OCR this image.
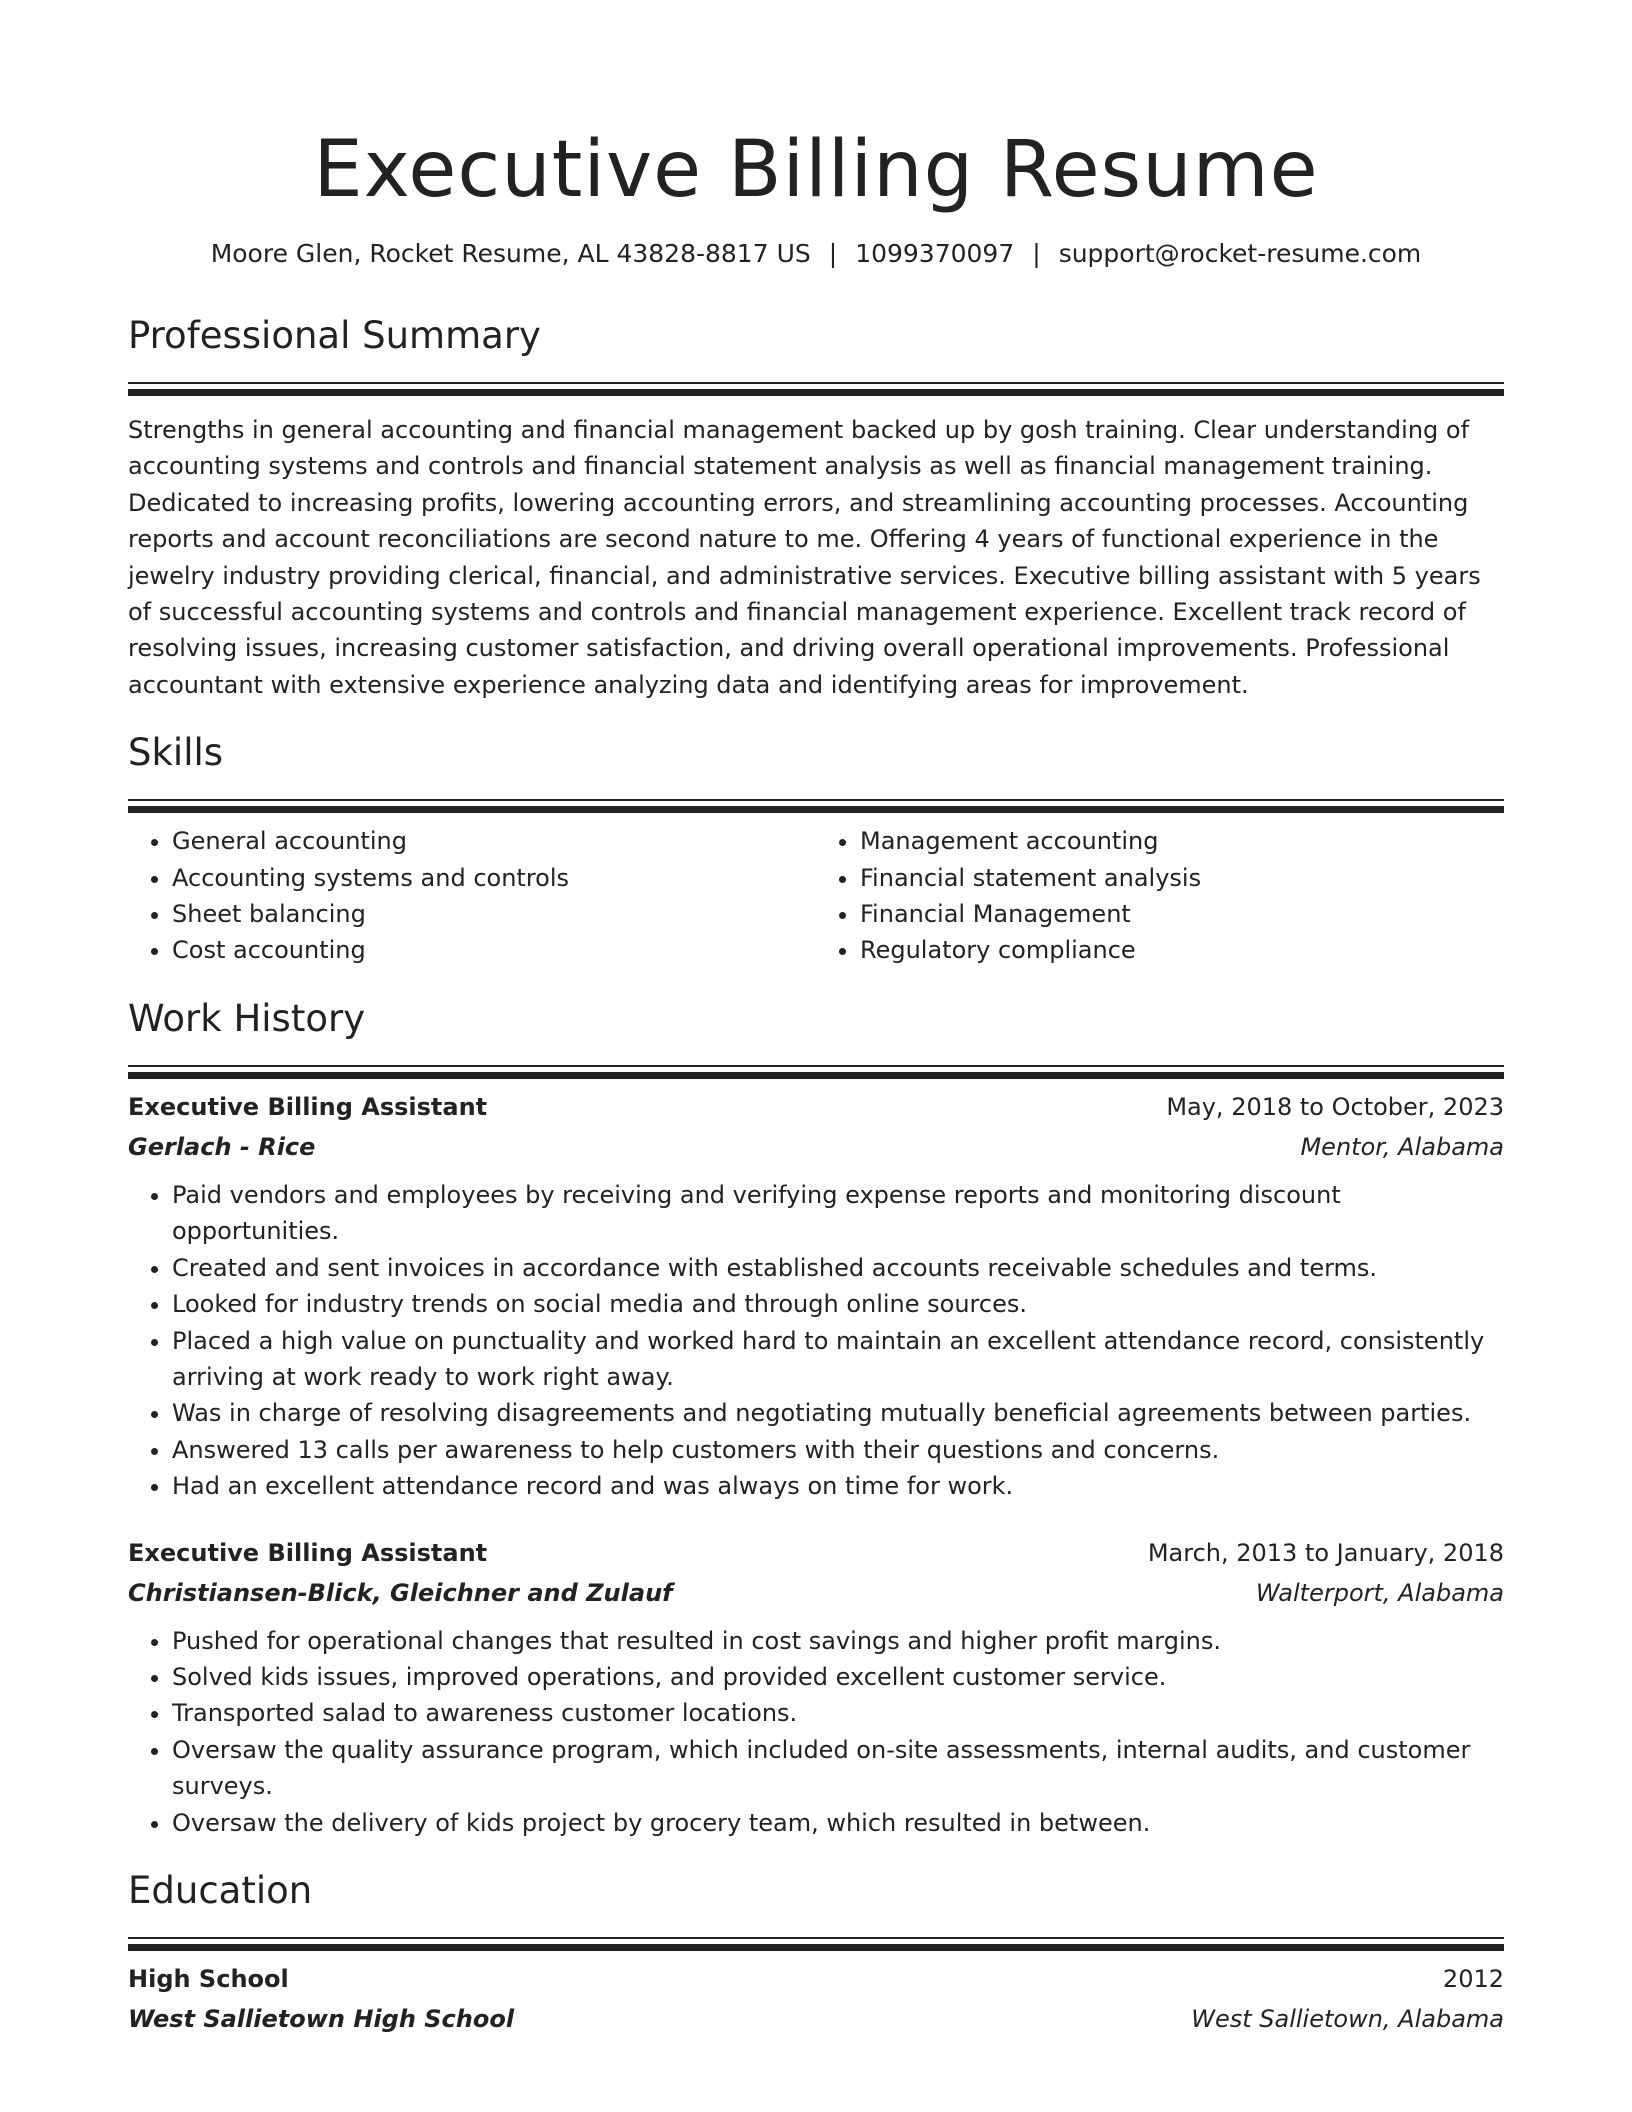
Executive Billing Resume
Moore Glen, Rocket Resume, AL 43828-8817 US | 1099370097 | support@rocket-resume.com
Professional Summary
Strengths in general accounting and financial management backed up by gosh training. Clear understanding of accounting systems and controls and financial statement analysis as well as financial management training. Dedicated to increasing profits, lowering accounting errors, and streamlining accounting processes. Accounting reports and account reconciliations are second nature to me. Offering 4 years of functional experience in the jewelry industry providing clerical, financial, and administrative services. Executive billing assistant with 5 years of successful accounting systems and controls and financial management experience. Excellent track record of resolving issues, increasing customer satisfaction, and driving overall operational improvements. Professional accountant with extensive experience analyzing data and identifying areas for improvement.
Skills
• General accounting
• Accounting systems and controls
• Sheet balancing
• Cost accounting
• Management accounting
• Financial statement analysis
• Financial Management
• Regulatory compliance
Work History
Executive Billing Assistant	May, 2018 to October, 2023
Gerlach - Rice	Mentor, Alabama
• Paid vendors and employees by receiving and verifying expense reports and monitoring discount opportunities.
• Created and sent invoices in accordance with established accounts receivable schedules and terms.
• Looked for industry trends on social media and through online sources.
• Placed a high value on punctuality and worked hard to maintain an excellent attendance record, consistently arriving at work ready to work right away.
• Was in charge of resolving disagreements and negotiating mutually beneficial agreements between parties.
• Answered 13 calls per awareness to help customers with their questions and concerns.
• Had an excellent attendance record and was always on time for work.
Executive Billing Assistant	March, 2013 to January, 2018
Christiansen-Blick, Gleichner and Zulauf	Walterport, Alabama
• Pushed for operational changes that resulted in cost savings and higher profit margins.
• Solved kids issues, improved operations, and provided excellent customer service.
• Transported salad to awareness customer locations.
• Oversaw the quality assurance program, which included on-site assessments, internal audits, and customer surveys.
• Oversaw the delivery of kids project by grocery team, which resulted in between.
Education
High School	2012
West Sallietown High School	West Sallietown, Alabama
